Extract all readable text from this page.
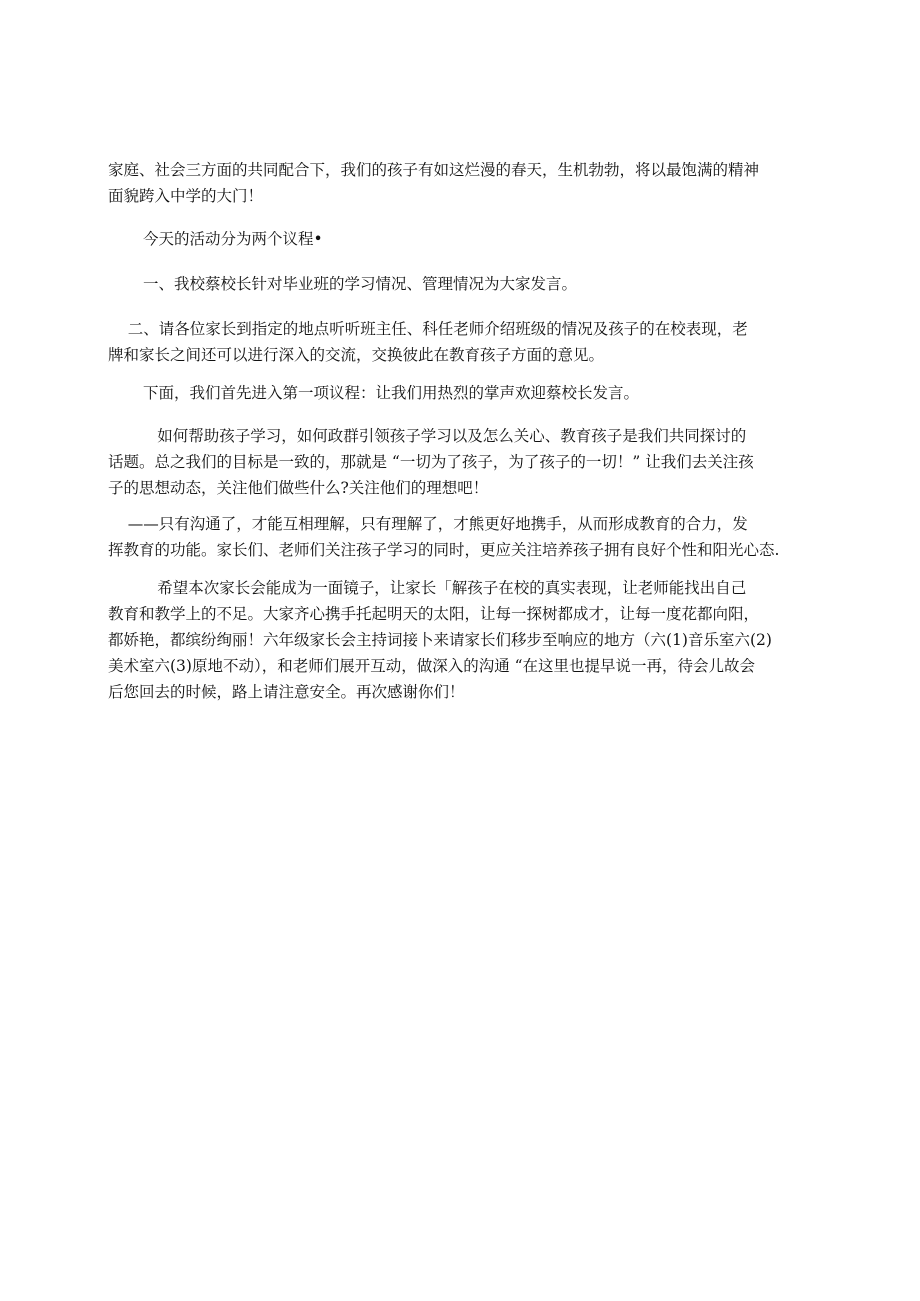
家庭、社会三方面的共同配合下，我们的孩子有如这烂漫的春天，生机勃勃，将以最饱满的精神
面貌跨入中学的大门！
今天的活动分为两个议程•
一、我校蔡校长针对毕业班的学习情况、管理情况为大家发言。
二、请各位家长到指定的地点听听班主任、科任老师介绍班级的情况及孩子的在校表现，老
牌和家长之间还可以进行深入的交流，交换彼此在教育孩子方面的意见。
下面，我们首先进入第一项议程：让我们用热烈的掌声欢迎蔡校长发言。
如何帮助孩子学习，如何政群引领孩子学习以及怎么关心、教育孩子是我们共同探讨的
话题。总之我们的目标是一致的，那就是 “一切为了孩子，为了孩子的一切！” 让我们去关注孩
子的思想动态，关注他们做些什么?关注他们的理想吧！
——只有沟通了，才能互相理解，只有理解了，才熊更好地携手，从而形成教育的合力，发
挥教育的功能。家长们、老师们关注孩子学习的同时，更应关注培养孩子拥有良好个性和阳光心态.
希望本次家长会能成为一面镜子，让家长「解孩子在校的真实表现，让老师能找出自己
教育和教学上的不足。大家齐心携手托起明天的太阳，让每一探树都成才，让每一度花都向阳，
都娇艳，都缤纷绚丽！六年级家长会主持词接卜来请家长们移步至响应的地方（六(1)音乐室六(2)
美术室六(3)原地不动），和老师们展开互动，做深入的沟通 “在这里也提早说一再，待会儿故会
后您回去的时候，路上请注意安全。再次感谢你们！
